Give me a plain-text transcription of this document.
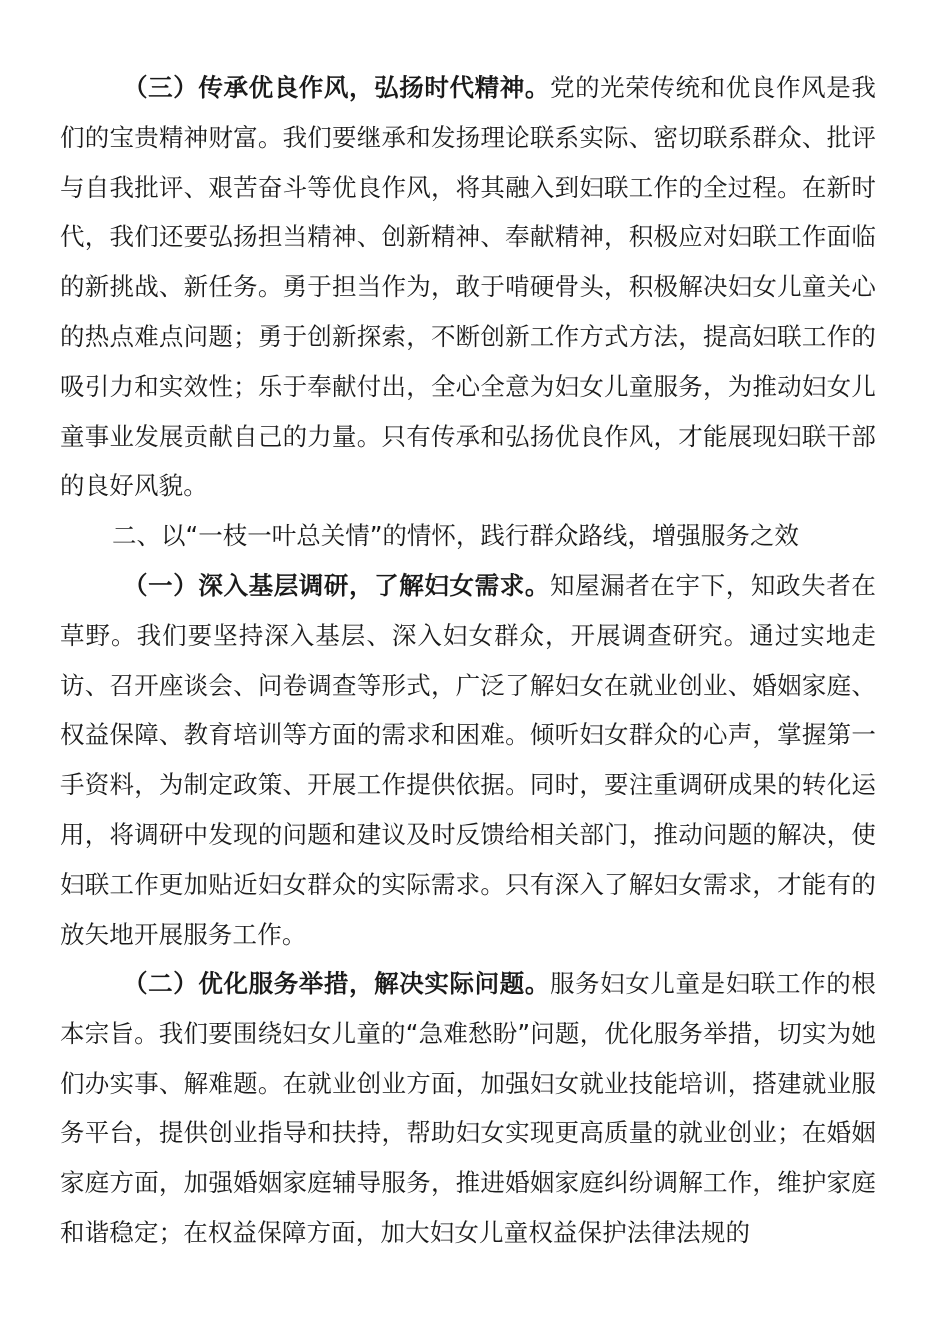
（三）传承优良作风，弘扬时代精神。党的光荣传统和优良作风是我们的宝贵精神财富。我们要继承和发扬理论联系实际、密切联系群众、批评与自我批评、艰苦奋斗等优良作风，将其融入到妇联工作的全过程。在新时代，我们还要弘扬担当精神、创新精神、奉献精神，积极应对妇联工作面临的新挑战、新任务。勇于担当作为，敢于啃硬骨头，积极解决妇女儿童关心的热点难点问题；勇于创新探索，不断创新工作方式方法，提高妇联工作的吸引力和实效性；乐于奉献付出，全心全意为妇女儿童服务，为推动妇女儿童事业发展贡献自己的力量。只有传承和弘扬优良作风，才能展现妇联干部的良好风貌。

二、以“一枝一叶总关情”的情怀，践行群众路线，增强服务之效

（一）深入基层调研，了解妇女需求。知屋漏者在宇下，知政失者在草野。我们要坚持深入基层、深入妇女群众，开展调查研究。通过实地走访、召开座谈会、问卷调查等形式，广泛了解妇女在就业创业、婚姻家庭、权益保障、教育培训等方面的需求和困难。倾听妇女群众的心声，掌握第一手资料，为制定政策、开展工作提供依据。同时，要注重调研成果的转化运用，将调研中发现的问题和建议及时反馈给相关部门，推动问题的解决，使妇联工作更加贴近妇女群众的实际需求。只有深入了解妇女需求，才能有的放矢地开展服务工作。

（二）优化服务举措，解决实际问题。服务妇女儿童是妇联工作的根本宗旨。我们要围绕妇女儿童的“急难愁盼”问题，优化服务举措，切实为她们办实事、解难题。在就业创业方面，加强妇女就业技能培训，搭建就业服务平台，提供创业指导和扶持，帮助妇女实现更高质量的就业创业；在婚姻家庭方面，加强婚姻家庭辅导服务，推进婚姻家庭纠纷调解工作，维护家庭和谐稳定；在权益保障方面，加大妇女儿童权益保护法律法规的
